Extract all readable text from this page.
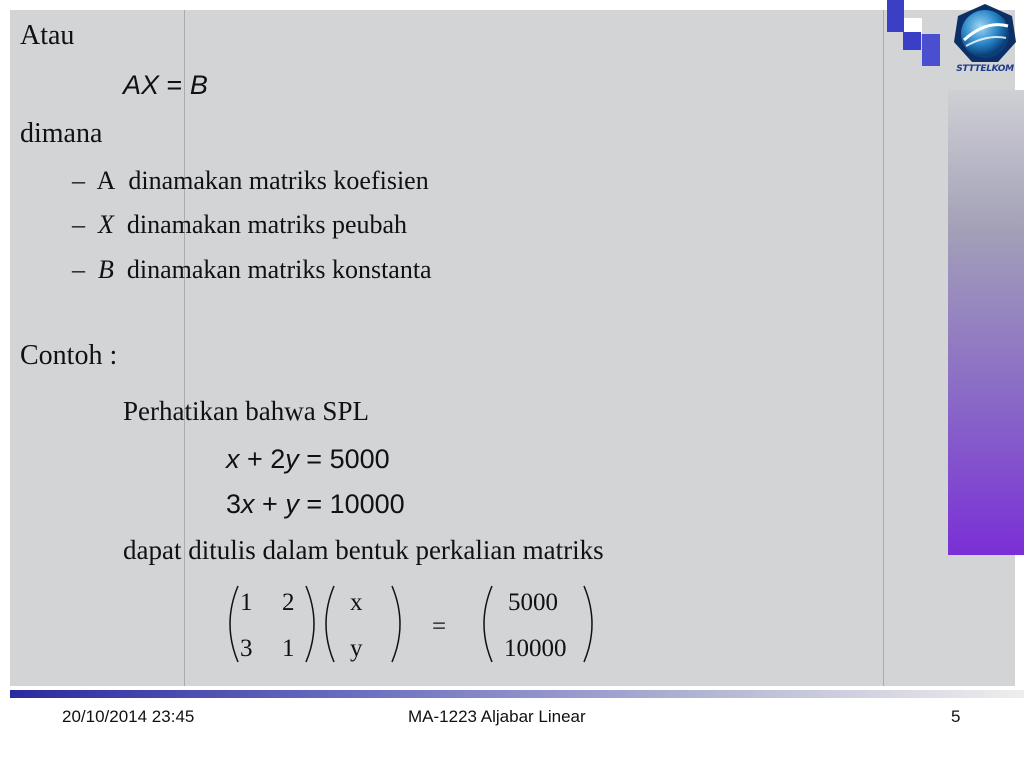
STTTELKOM
Atau
AX = B
dimana
– A dinamakan matriks koefisien
– X dinamakan matriks peubah
– B dinamakan matriks konstanta
Contoh :
Perhatikan bahwa SPL
x + 2y = 5000
3x + y = 10000
dapat ditulis dalam bentuk perkalian matriks
1 2
3 1
x
y
=
5000
10000
20/10/2014 23:45	MA-1223 Aljabar Linear	5
